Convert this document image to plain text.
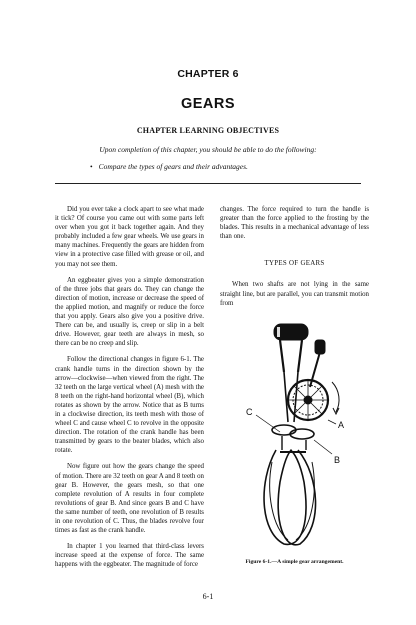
CHAPTER 6
GEARS
CHAPTER LEARNING OBJECTIVES
Upon completion of this chapter, you should be able to do the following:
• Compare the types of gears and their advantages.

Did you ever take a clock apart to see what made it tick? Of course you came out with some parts left over when you got it back together again. And they probably included a few gear wheels. We use gears in many machines. Frequently the gears are hidden from view in a protective case filled with grease or oil, and you may not see them.

An eggbeater gives you a simple demonstration of the three jobs that gears do. They can change the direction of motion, increase or decrease the speed of the applied motion, and magnify or reduce the force that you apply. Gears also give you a positive drive. There can be, and usually is, creep or slip in a belt drive. However, gear teeth are always in mesh, so there can be no creep and slip.

Follow the directional changes in figure 6-1. The crank handle turns in the direction shown by the arrow—clockwise—when viewed from the right. The 32 teeth on the large vertical wheel (A) mesh with the 8 teeth on the right-hand horizontal wheel (B), which rotates as shown by the arrow. Notice that as B turns in a clockwise direction, its teeth mesh with those of wheel C and cause wheel C to revolve in the opposite direction. The rotation of the crank handle has been transmitted by gears to the beater blades, which also rotate.

Now figure out how the gears change the speed of motion. There are 32 teeth on gear A and 8 teeth on gear B. However, the gears mesh, so that one complete revolution of A results in four complete revolutions of gear B. And since gears B and C have the same number of teeth, one revolution of B results in one revolution of C. Thus, the blades revolve four times as fast as the crank handle.

In chapter 1 you learned that third-class levers increase speed at the expense of force. The same happens with the eggbeater. The magnitude of force

changes. The force required to turn the handle is greater than the force applied to the frosting by the blades. This results in a mechanical advantage of less than one.

TYPES OF GEARS

When two shafts are not lying in the same straight line, but are parallel, you can transmit motion from

A
B
C
Figure 6-1.—A simple gear arrangement.
6-1
